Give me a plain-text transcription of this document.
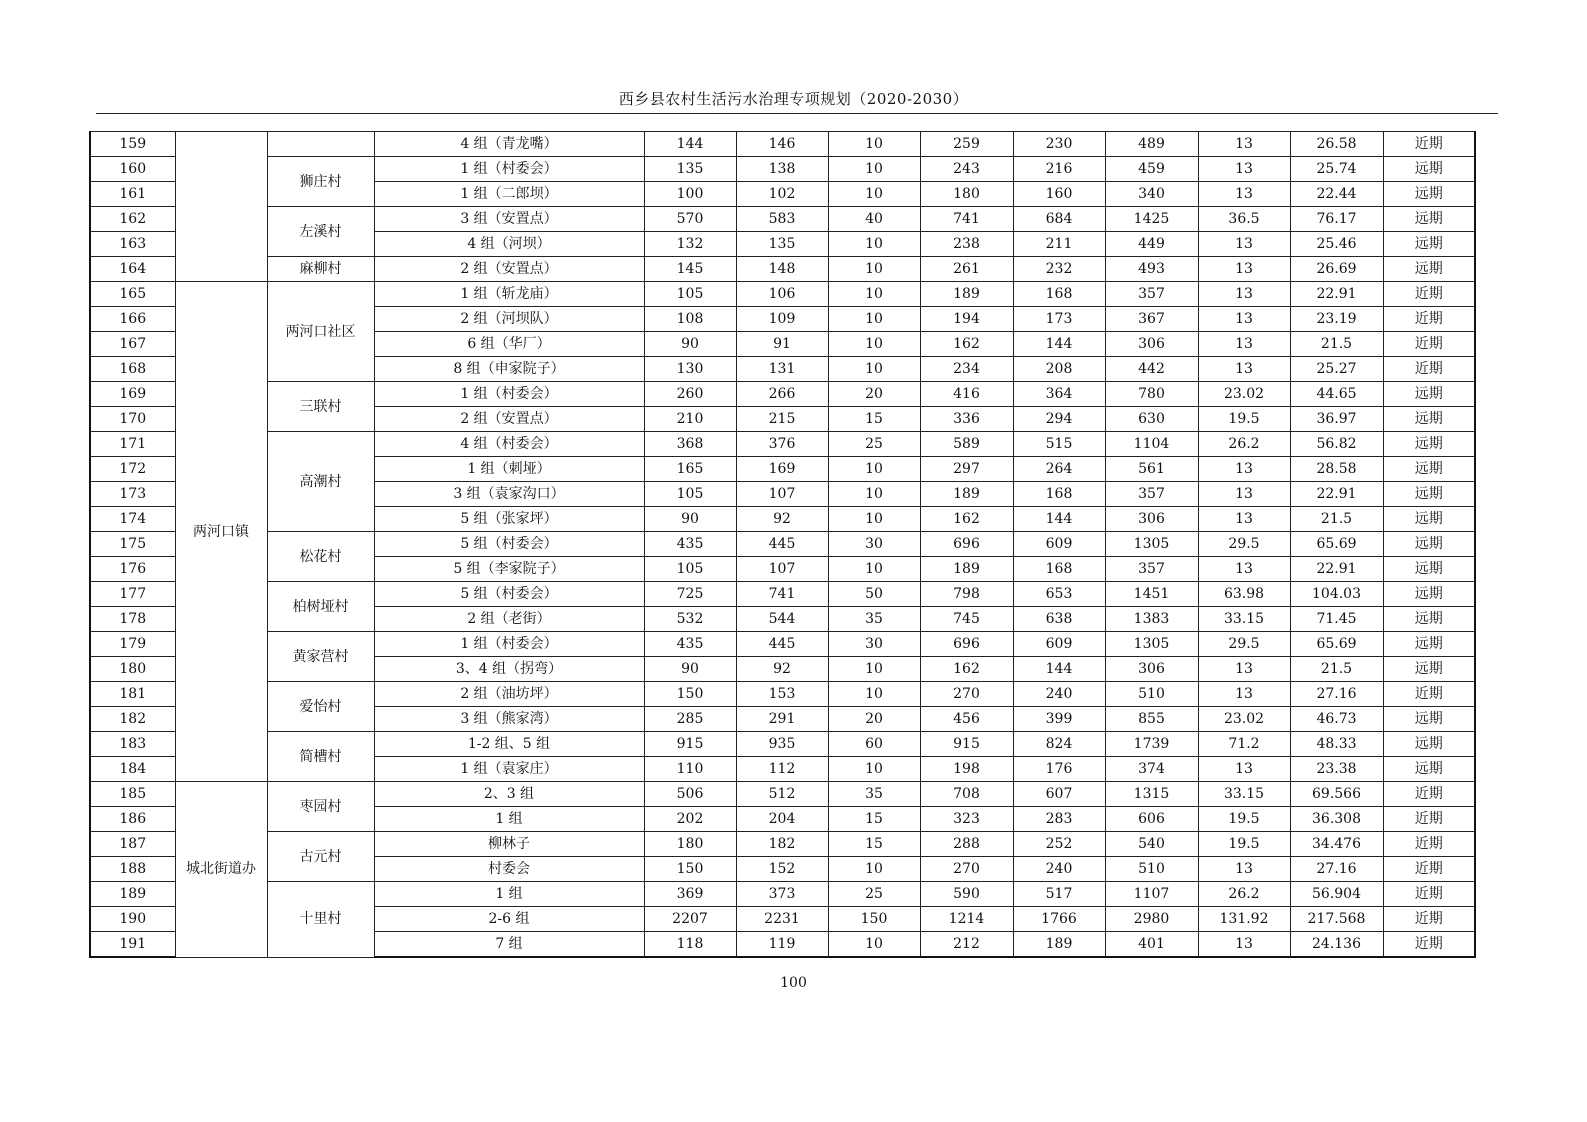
西乡县农村生活污水治理专项规划（2020-2030）
159			4 组（青龙嘴）	144	146	10	259	230	489	13	26.58	近期
160		狮庄村	1 组（村委会）	135	138	10	243	216	459	13	25.74	远期
161			1 组（二郎坝）	100	102	10	180	160	340	13	22.44	远期
162		左溪村	3 组（安置点）	570	583	40	741	684	1425	36.5	76.17	远期
163			4 组（河坝）	132	135	10	238	211	449	13	25.46	远期
164		麻柳村	2 组（安置点）	145	148	10	261	232	493	13	26.69	远期
165	两河口镇	两河口社区	1 组（斩龙庙）	105	106	10	189	168	357	13	22.91	近期
166			2 组（河坝队）	108	109	10	194	173	367	13	23.19	近期
167			6 组（华厂）	90	91	10	162	144	306	13	21.5	近期
168			8 组（申家院子）	130	131	10	234	208	442	13	25.27	近期
169		三联村	1 组（村委会）	260	266	20	416	364	780	23.02	44.65	远期
170			2 组（安置点）	210	215	15	336	294	630	19.5	36.97	远期
171		高潮村	4 组（村委会）	368	376	25	589	515	1104	26.2	56.82	远期
172			1 组（刺垭）	165	169	10	297	264	561	13	28.58	远期
173			3 组（袁家沟口）	105	107	10	189	168	357	13	22.91	远期
174			5 组（张家坪）	90	92	10	162	144	306	13	21.5	远期
175		松花村	5 组（村委会）	435	445	30	696	609	1305	29.5	65.69	远期
176			5 组（李家院子）	105	107	10	189	168	357	13	22.91	远期
177		柏树垭村	5 组（村委会）	725	741	50	798	653	1451	63.98	104.03	远期
178			2 组（老街）	532	544	35	745	638	1383	33.15	71.45	远期
179		黄家营村	1 组（村委会）	435	445	30	696	609	1305	29.5	65.69	远期
180			3、4 组（拐弯）	90	92	10	162	144	306	13	21.5	远期
181		爱怡村	2 组（油坊坪）	150	153	10	270	240	510	13	27.16	近期
182			3 组（熊家湾）	285	291	20	456	399	855	23.02	46.73	远期
183		简槽村	1-2 组、5 组	915	935	60	915	824	1739	71.2	48.33	远期
184			1 组（袁家庄）	110	112	10	198	176	374	13	23.38	远期
185	城北街道办	枣园村	2、3 组	506	512	35	708	607	1315	33.15	69.566	近期
186			1 组	202	204	15	323	283	606	19.5	36.308	近期
187		古元村	柳林子	180	182	15	288	252	540	19.5	34.476	近期
188			村委会	150	152	10	270	240	510	13	27.16	近期
189		十里村	1 组	369	373	25	590	517	1107	26.2	56.904	近期
190			2-6 组	2207	2231	150	1214	1766	2980	131.92	217.568	近期
191			7 组	118	119	10	212	189	401	13	24.136	近期
100
